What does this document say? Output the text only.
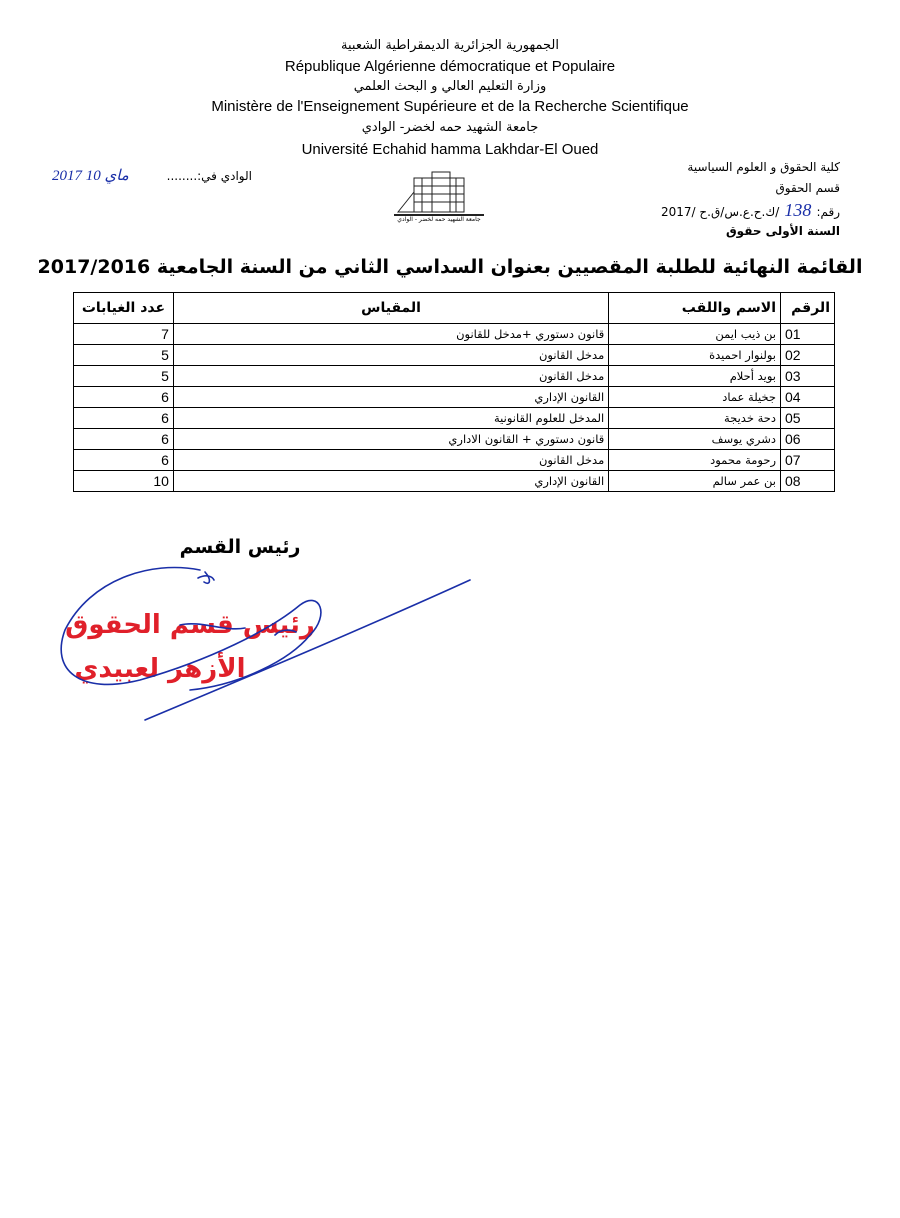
الجمهورية الجزائرية الديمقراطية الشعبية
République Algérienne démocratique et Populaire
وزارة التعليم العالي و البحث العلمي
Ministère de l'Enseignement Supérieure et de la Recherche Scientifique
جامعة الشهيد حمه لخضر- الوادي
Université Echahid hamma Lakhdar-El Oued
الوادي في:........
2017 ماي 10
كلية الحقوق و العلوم السياسية
قسم الحقوق
رقم: 138 /ك.ح.ع.س/ق.ح /2017
السنة الأولى حقوق
جامعة الشهيد حمه لخضر - الوادي
القائمة النهائية للطلبة المقصيين بعنوان السداسي الثاني من السنة الجامعية 2017/2016
الرقم	الاسم واللقب	المقياس	عدد الغيابات
01	بن ذيب ايمن	قانون دستوري +مدخل للقانون	7
02	بولنوار احميدة	مدخل القانون	5
03	بويد أحلام	مدخل القانون	5
04	جخيلة عماد	القانون الإداري	6
05	دحة خديجة	المدخل للعلوم القانونية	6
06	دشري يوسف	قانون دستوري + القانون الاداري	6
07	رحومة محمود	مدخل القانون	6
08	بن عمر سالم	القانون الإداري	10
رئيس القسم
رئيس قسم الحقوق
الأزهر لعبيدي
